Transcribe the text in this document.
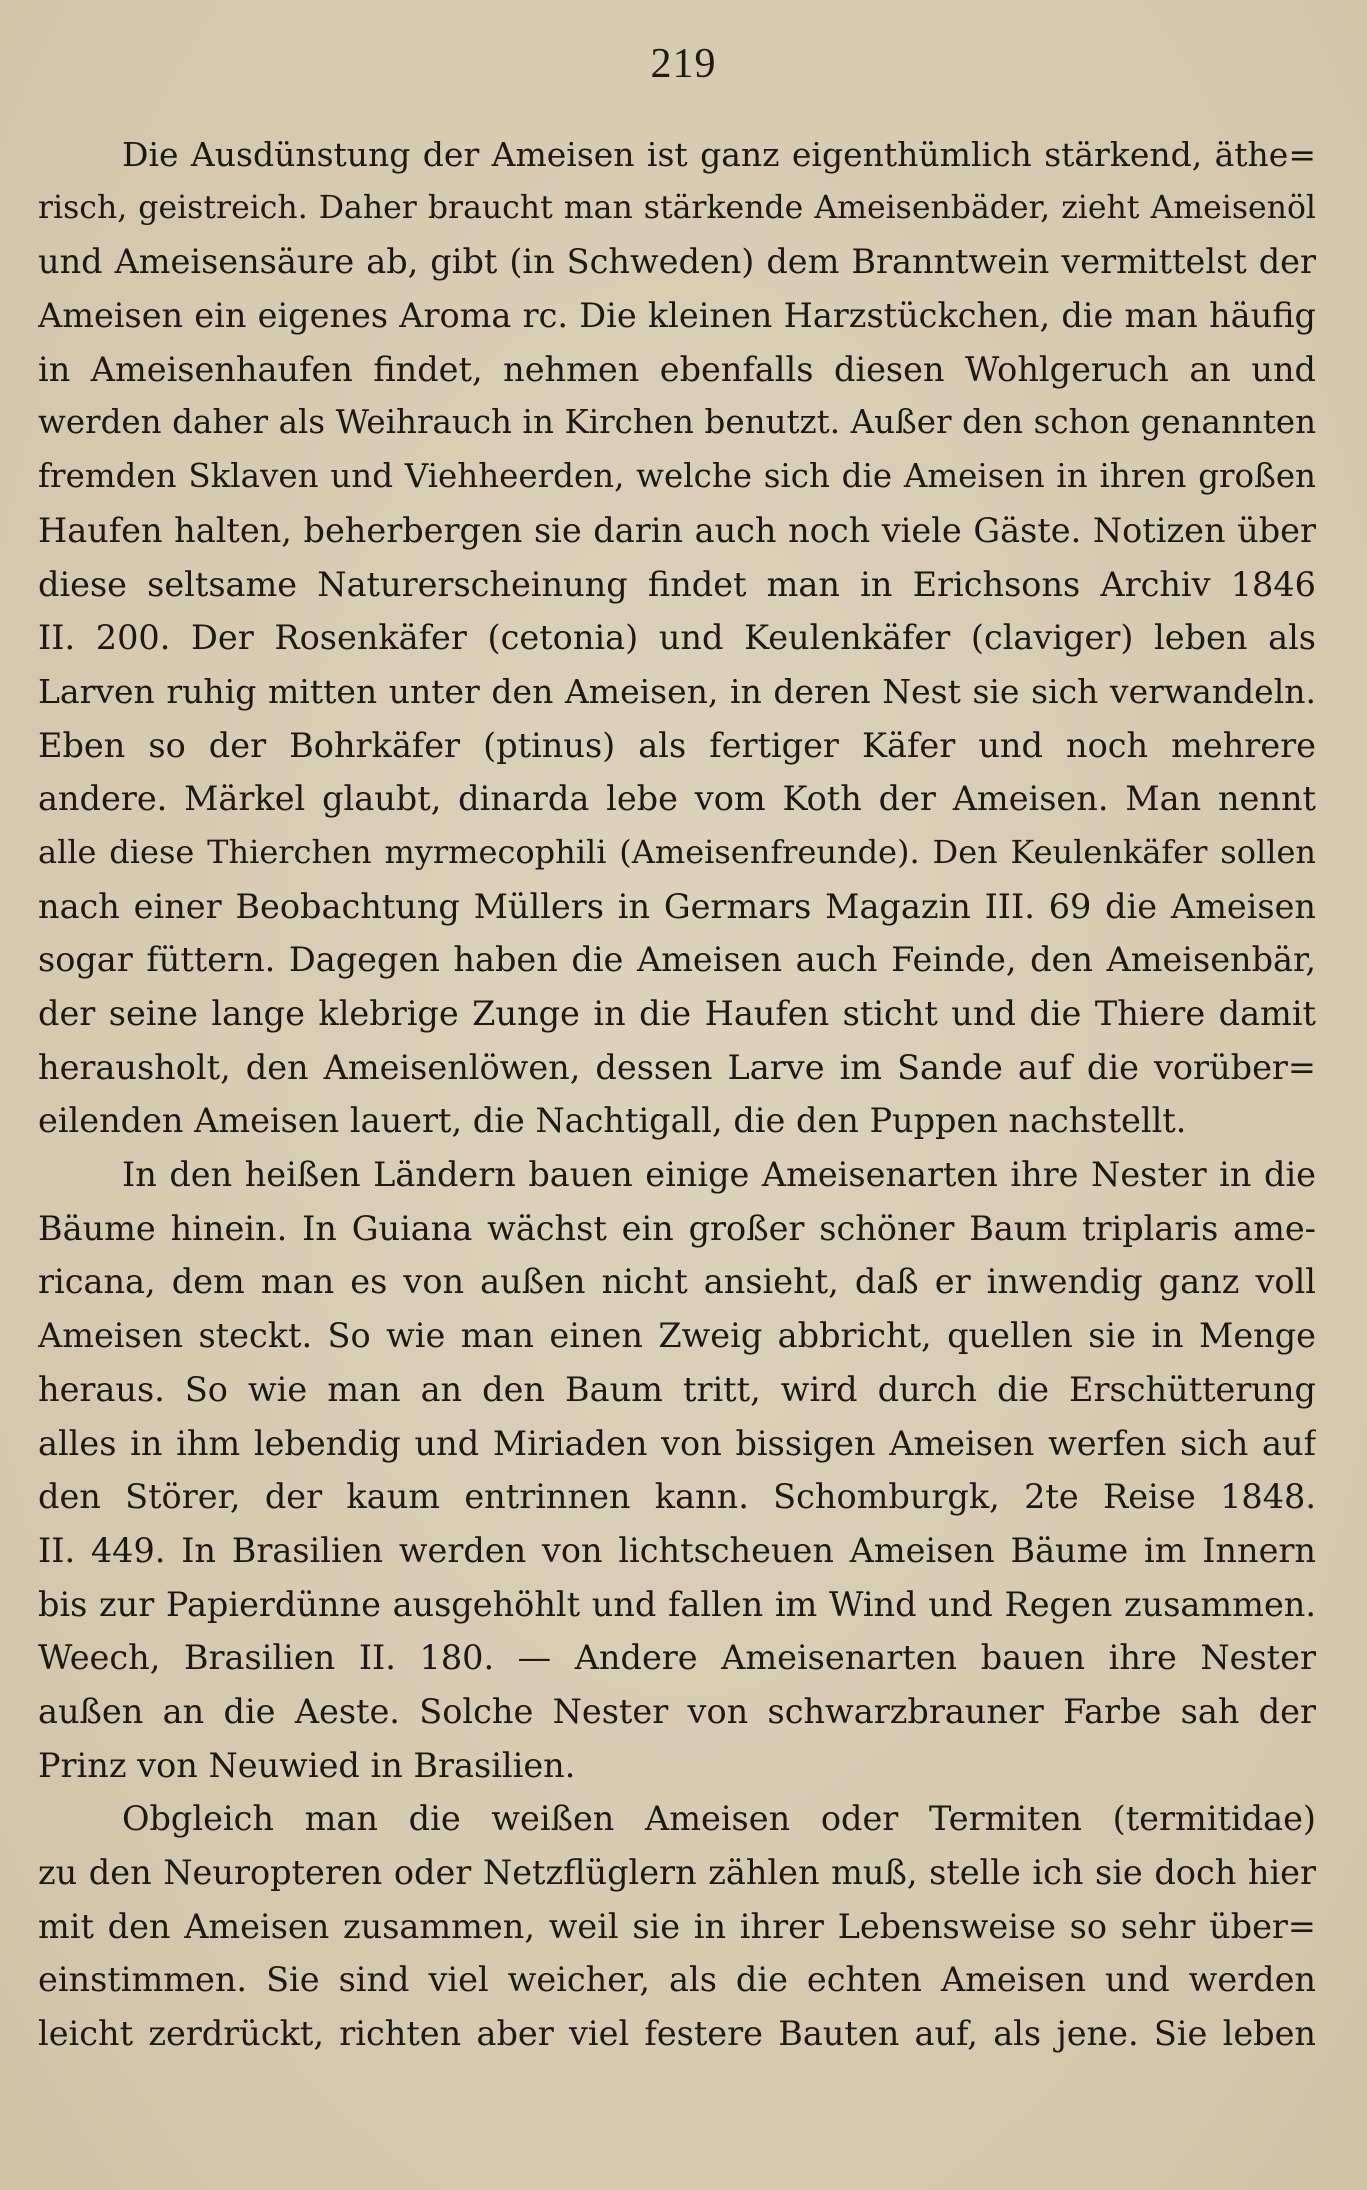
219
Die Ausdünstung der Ameisen ist ganz eigenthümlich stärkend, äthe=
risch, geistreich. Daher braucht man stärkende Ameisenbäder, zieht Ameisenöl
und Ameisensäure ab, gibt (in Schweden) dem Branntwein vermittelst der
Ameisen ein eigenes Aroma rc. Die kleinen Harzstückchen, die man häufig
in Ameisenhaufen findet, nehmen ebenfalls diesen Wohlgeruch an und
werden daher als Weihrauch in Kirchen benutzt. Außer den schon genannten
fremden Sklaven und Viehheerden, welche sich die Ameisen in ihren großen
Haufen halten, beherbergen sie darin auch noch viele Gäste. Notizen über
diese seltsame Naturerscheinung findet man in Erichsons Archiv 1846
II. 200. Der Rosenkäfer (cetonia) und Keulenkäfer (claviger) leben als
Larven ruhig mitten unter den Ameisen, in deren Nest sie sich verwandeln.
Eben so der Bohrkäfer (ptinus) als fertiger Käfer und noch mehrere
andere. Märkel glaubt, dinarda lebe vom Koth der Ameisen. Man nennt
alle diese Thierchen myrmecophili (Ameisenfreunde). Den Keulenkäfer sollen
nach einer Beobachtung Müllers in Germars Magazin III. 69 die Ameisen
sogar füttern. Dagegen haben die Ameisen auch Feinde, den Ameisenbär,
der seine lange klebrige Zunge in die Haufen sticht und die Thiere damit
herausholt, den Ameisenlöwen, dessen Larve im Sande auf die vorüber=
eilenden Ameisen lauert, die Nachtigall, die den Puppen nachstellt.
In den heißen Ländern bauen einige Ameisenarten ihre Nester in die
Bäume hinein. In Guiana wächst ein großer schöner Baum triplaris ame-
ricana, dem man es von außen nicht ansieht, daß er inwendig ganz voll
Ameisen steckt. So wie man einen Zweig abbricht, quellen sie in Menge
heraus. So wie man an den Baum tritt, wird durch die Erschütterung
alles in ihm lebendig und Miriaden von bissigen Ameisen werfen sich auf
den Störer, der kaum entrinnen kann. Schomburgk, 2te Reise 1848.
II. 449. In Brasilien werden von lichtscheuen Ameisen Bäume im Innern
bis zur Papierdünne ausgehöhlt und fallen im Wind und Regen zusammen.
Weech, Brasilien II. 180. — Andere Ameisenarten bauen ihre Nester
außen an die Aeste. Solche Nester von schwarzbrauner Farbe sah der
Prinz von Neuwied in Brasilien.
Obgleich man die weißen Ameisen oder Termiten (termitidae)
zu den Neuropteren oder Netzflüglern zählen muß, stelle ich sie doch hier
mit den Ameisen zusammen, weil sie in ihrer Lebensweise so sehr über=
einstimmen. Sie sind viel weicher, als die echten Ameisen und werden
leicht zerdrückt, richten aber viel festere Bauten auf, als jene. Sie leben
